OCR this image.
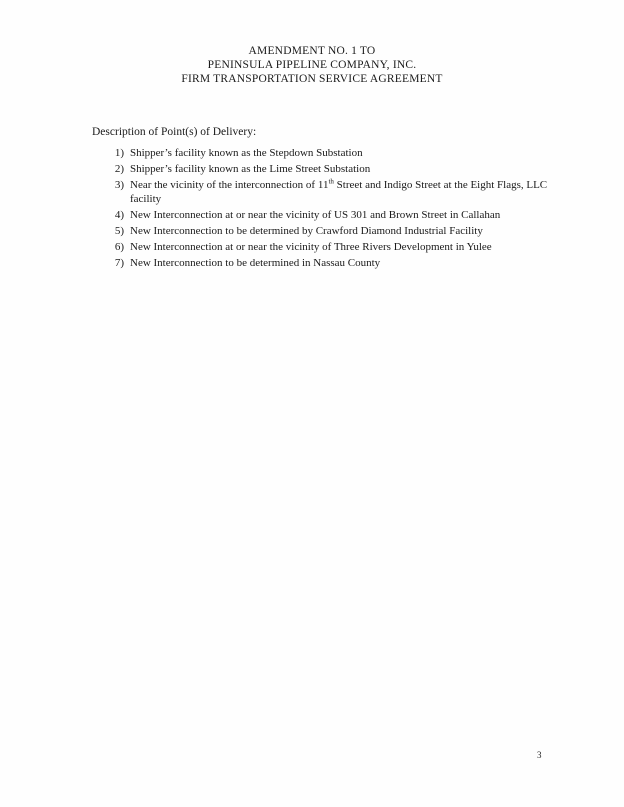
AMENDMENT NO. 1 TO
PENINSULA PIPELINE COMPANY, INC.
FIRM TRANSPORTATION SERVICE AGREEMENT
Description of Point(s) of Delivery:
1) Shipper’s facility known as the Stepdown Substation
2) Shipper’s facility known as the Lime Street Substation
3) Near the vicinity of the interconnection of 11th Street and Indigo Street at the Eight Flags, LLC facility
4) New Interconnection at or near the vicinity of US 301 and Brown Street in Callahan
5) New Interconnection to be determined by Crawford Diamond Industrial Facility
6) New Interconnection at or near the vicinity of Three Rivers Development in Yulee
7) New Interconnection to be determined in Nassau County
3
